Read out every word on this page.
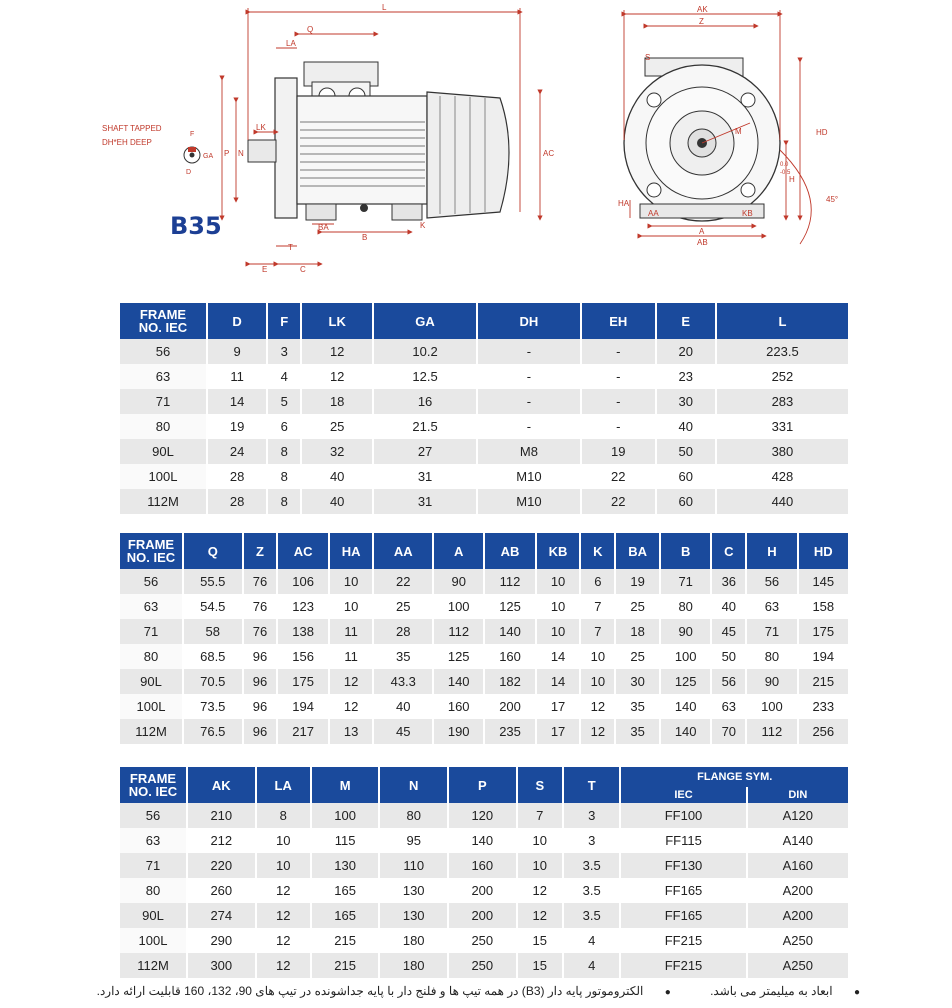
L
LA
Q
LK
AC
N
P
B
BA	K
E	C
T
F
GA
D
AK
Z
S
M	HD
H
0.0
-0.5
HA
AA	KB
A
AB
45°
SHAFT TAPPED
DH*EH DEEP
B35
FRAME
NO. IEC	D	F	LK	GA	DH	EH	E	L
56	9	3	12	10.2	-	-	20	223.5
63	11	4	12	12.5	-	-	23	252
71	14	5	18	16	-	-	30	283
80	19	6	25	21.5	-	-	40	331
90L	24	8	32	27	M8	19	50	380
100L	28	8	40	31	M10	22	60	428
112M	28	8	40	31	M10	22	60	440
FRAME
NO. IEC	Q	Z	AC	HA	AA	A	AB	KB	K	BA	B	C	H	HD
56	55.5	76	106	10	22	90	112	10	6	19	71	36	56	145
63	54.5	76	123	10	25	100	125	10	7	25	80	40	63	158
71	58	76	138	11	28	112	140	10	7	18	90	45	71	175
80	68.5	96	156	11	35	125	160	14	10	25	100	50	80	194
90L	70.5	96	175	12	43.3	140	182	14	10	30	125	56	90	215
100L	73.5	96	194	12	40	160	200	17	12	35	140	63	100	233
112M	76.5	96	217	13	45	190	235	17	12	35	140	70	112	256
FRAME
NO. IEC	AK	LA	M	N	P	S	T	FLANGE SYM.	
								IEC	DIN
56	210	8	100	80	120	7	3	FF100	A120
63	212	10	115	95	140	10	3	FF115	A140
71	220	10	130	110	160	10	3.5	FF130	A160
80	260	12	165	130	200	12	3.5	FF165	A200
90L	274	12	165	130	200	12	3.5	FF165	A200
100L	290	12	215	180	250	15	4	FF215	A250
112M	300	12	215	180	250	15	4	FF215	A250
● ابعاد به میلیمتر می باشد. ● الکتروموتور پایه دار (B3) در همه تیپ ها و فلنج دار با پایه جداشونده در تیپ های 90، 132، 160 قابلیت ارائه دارد.
